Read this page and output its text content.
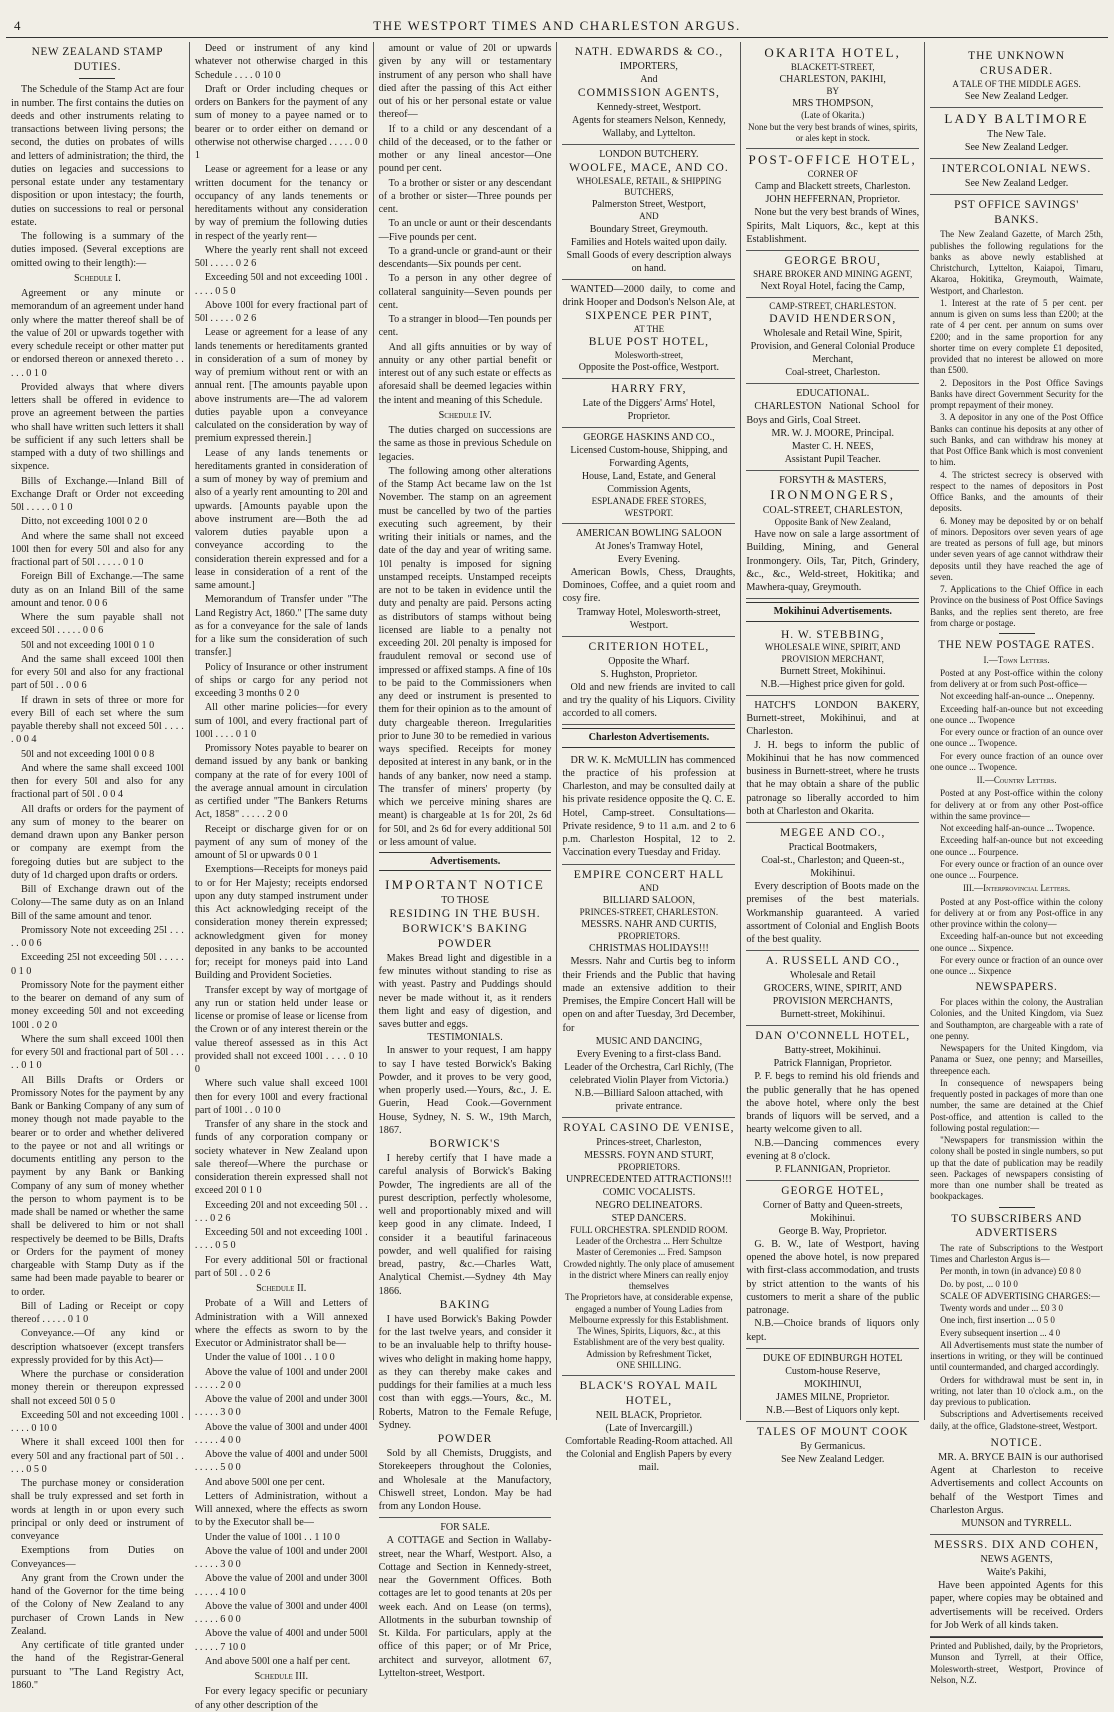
4	THE WESTPORT TIMES AND CHARLESTON ARGUS.
NEW ZEALAND STAMP DUTIES.
The Schedule of the Stamp Act are four in number. The first contains the duties on deeds and other instruments relating to transactions between living persons; the second, the duties on probates of wills and letters of administration; the third, the duties on legacies and successions to personal estate under any testamentary disposition or upon intestacy; the fourth, duties on successions to real or personal estate.
The following is a summary of the duties imposed. (Several exceptions are omitted owing to their length):—
Schedule I.
Agreement or any minute or memorandum of an agreement under hand only where the matter thereof shall be of the value of 20l or upwards together with every schedule receipt or other matter put or endorsed thereon or annexed thereto . . . . . 0 1 0
Provided always that where divers letters shall be offered in evidence to prove an agreement between the parties who shall have written such letters it shall be sufficient if any such letters shall be stamped with a duty of two shillings and sixpence.
Bills of Exchange.—Inland Bill of Exchange Draft or Order not exceeding 50l . . . . . 0 1 0
Ditto, not exceeding 100l 0 2 0
And where the same shall not exceed 100l then for every 50l and also for any fractional part of 50l . . . . . 0 1 0
Foreign Bill of Exchange.—The same duty as on an Inland Bill of the same amount and tenor. 0 0 6
Where the sum payable shall not exceed 50l . . . . . 0 0 6
50l and not exceeding 100l 0 1 0
And the same shall exceed 100l then for every 50l and also for any fractional part of 50l . . 0 0 6
If drawn in sets of three or more for every Bill of each set where the sum payable thereby shall not exceed 50l . . . . . 0 0 4
50l and not exceeding 100l 0 0 8
And where the same shall exceed 100l then for every 50l and also for any fractional part of 50l . 0 0 4
All drafts or orders for the payment of any sum of money to the bearer on demand drawn upon any Banker person or company are exempt from the foregoing duties but are subject to the duty of 1d charged upon drafts or orders.
Bill of Exchange drawn out of the Colony—The same duty as on an Inland Bill of the same amount and tenor.
Promissory Note not exceeding 25l . . . . . 0 0 6
Exceeding 25l not exceeding 50l . . . . . 0 1 0
Promissory Note for the payment either to the bearer on demand of any sum of money exceeding 50l and not exceeding 100l . 0 2 0
Where the sum shall exceed 100l then for every 50l and fractional part of 50l . . . . . 0 1 0
All Bills Drafts or Orders or Promissory Notes for the payment by any Bank or Banking Company of any sum of money though not made payable to the bearer or to order and whether delivered to the payee or not and all writings or documents entitling any person to the payment by any Bank or Banking Company of any sum of money whether the person to whom payment is to be made shall be named or whether the same shall be delivered to him or not shall respectively be deemed to be Bills, Drafts or Orders for the payment of money chargeable with Stamp Duty as if the same had been made payable to bearer or to order.
Bill of Lading or Receipt or copy thereof . . . . . 0 1 0
Conveyance.—Of any kind or description whatsoever (except transfers expressly provided for by this Act)—
Where the purchase or consideration money therein or thereupon expressed shall not exceed 50l 0 5 0
Exceeding 50l and not exceeding 100l . . . . . 0 10 0
Where it shall exceed 100l then for every 50l and any fractional part of 50l . . . . . 0 5 0
The purchase money or consideration shall be truly expressed and set forth in words at length in or upon every such principal or only deed or instrument of conveyance
Exemptions from Duties on Conveyances—
Any grant from the Crown under the hand of the Governor for the time being of the Colony of New Zealand to any purchaser of Crown Lands in New Zealand.
Any certificate of title granted under the hand of the Registrar-General pursuant to "The Land Registry Act, 1860."
Deed or instrument of any kind whatever not otherwise charged in this Schedule . . . . 0 10 0
Draft or Order including cheques or orders on Bankers for the payment of any sum of money to a payee named or to bearer or to order either on demand or otherwise not otherwise charged . . . . . 0 0 1
Lease or agreement for a lease or any written document for the tenancy or occupancy of any lands tenements or hereditaments without any consideration by way of premium the following duties in respect of the yearly rent—
Where the yearly rent shall not exceed 50l . . . . . 0 2 6
Exceeding 50l and not exceeding 100l . . . . . 0 5 0
Above 100l for every fractional part of 50l . . . . . 0 2 6
Lease or agreement for a lease of any lands tenements or hereditaments granted in consideration of a sum of money by way of premium without rent or with an annual rent. [The amounts payable upon above instruments are—The ad valorem duties payable upon a conveyance calculated on the consideration by way of premium expressed therein.]
Lease of any lands tenements or hereditaments granted in consideration of a sum of money by way of premium and also of a yearly rent amounting to 20l and upwards. [Amounts payable upon the above instrument are—Both the ad valorem duties payable upon a conveyance according to the consideration therein expressed and for a lease in consideration of a rent of the same amount.]
Memorandum of Transfer under "The Land Registry Act, 1860." [The same duty as for a conveyance for the sale of lands for a like sum the consideration of such transfer.]
Policy of Insurance or other instrument of ships or cargo for any period not exceeding 3 months 0 2 0
All other marine policies—for every sum of 100l, and every fractional part of 100l . . . . 0 1 0
Promissory Notes payable to bearer on demand issued by any bank or banking company at the rate of for every 100l of the average annual amount in circulation as certified under "The Bankers Returns Act, 1858" . . . . . 2 0 0
Receipt or discharge given for or on payment of any sum of money of the amount of 5l or upwards 0 0 1
Exemptions—Receipts for moneys paid to or for Her Majesty; receipts endorsed upon any duty stamped instrument under this Act acknowledging receipt of the consideration money therein expressed; acknowledgment given for money deposited in any banks to be accounted for; receipt for moneys paid into Land Building and Provident Societies.
Transfer except by way of mortgage of any run or station held under lease or license or promise of lease or license from the Crown or of any interest therein or the value thereof assessed as in this Act provided shall not exceed 100l . . . . 0 10 0
Where such value shall exceed 100l then for every 100l and every fractional part of 100l . . 0 10 0
Transfer of any share in the stock and funds of any corporation company or society whatever in New Zealand upon sale thereof—Where the purchase or consideration therein expressed shall not exceed 20l 0 1 0
Exceeding 20l and not exceeding 50l . . . . . 0 2 6
Exceeding 50l and not exceeding 100l . . . . . 0 5 0
For every additional 50l or fractional part of 50l . . 0 2 6
Schedule II.
Probate of a Will and Letters of Administration with a Will annexed where the effects as sworn to by the Executor or Administrator shall be—
Under the value of 100l . . 1 0 0
Above the value of 100l and under 200l . . . . . 2 0 0
Above the value of 200l and under 300l . . . . . 3 0 0
Above the value of 300l and under 400l . . . . . 4 0 0
Above the value of 400l and under 500l . . . . . 5 0 0
And above 500l one per cent.
Letters of Administration, without a Will annexed, where the effects as sworn to by the Executor shall be—
Under the value of 100l . . 1 10 0
Above the value of 100l and under 200l . . . . . 3 0 0
Above the value of 200l and under 300l . . . . . 4 10 0
Above the value of 300l and under 400l . . . . . 6 0 0
Above the value of 400l and under 500l . . . . . 7 10 0
And above 500l one a half per cent.
Schedule III.
For every legacy specific or pecuniary of any other description of the
amount or value of 20l or upwards given by any will or testamentary instrument of any person who shall have died after the passing of this Act either out of his or her personal estate or value thereof—
If to a child or any descendant of a child of the deceased, or to the father or mother or any lineal ancestor—One pound per cent.
To a brother or sister or any descendant of a brother or sister—Three pounds per cent.
To an uncle or aunt or their descendants—Five pounds per cent.
To a grand-uncle or grand-aunt or their descendants—Six pounds per cent.
To a person in any other degree of collateral sanguinity—Seven pounds per cent.
To a stranger in blood—Ten pounds per cent.
And all gifts annuities or by way of annuity or any other partial benefit or interest out of any such estate or effects as aforesaid shall be deemed legacies within the intent and meaning of this Schedule.
Schedule IV.
The duties charged on successions are the same as those in previous Schedule on legacies.
The following among other alterations of the Stamp Act became law on the 1st November. The stamp on an agreement must be cancelled by two of the parties executing such agreement, by their writing their initials or names, and the date of the day and year of writing same. 10l penalty is imposed for signing unstamped receipts. Unstamped receipts are not to be taken in evidence until the duty and penalty are paid. Persons acting as distributors of stamps without being licensed are liable to a penalty not exceeding 20l. 20l penalty is imposed for fraudulent removal or second use of impressed or affixed stamps. A fine of 10s to be paid to the Commissioners when any deed or instrument is presented to them for their opinion as to the amount of duty chargeable thereon. Irregularities prior to June 30 to be remedied in various ways specified. Receipts for money deposited at interest in any bank, or in the hands of any banker, now need a stamp. The transfer of miners' property (by which we perceive mining shares are meant) is chargeable at 1s for 20l, 2s 6d for 50l, and 2s 6d for every additional 50l or less amount of value.
Advertisements.
IMPORTANT NOTICE
TO THOSE
RESIDING IN THE BUSH.
BORWICK'S BAKING POWDER
Makes Bread light and digestible in a few minutes without standing to rise as with yeast. Pastry and Puddings should never be made without it, as it renders them light and easy of digestion, and saves butter and eggs.
TESTIMONIALS.
In answer to your request, I am happy to say I have tested Borwick's Baking Powder, and it proves to be very good, when properly used.—Yours, &c., J. E. Guerin, Head Cook.—Government House, Sydney, N. S. W., 19th March, 1867.
BORWICK'S
I hereby certify that I have made a careful analysis of Borwick's Baking Powder, The ingredients are all of the purest description, perfectly wholesome, well and proportionably mixed and will keep good in any climate. Indeed, I consider it a beautiful farinaceous powder, and well qualified for raising bread, pastry, &c.—Charles Watt, Analytical Chemist.—Sydney 4th May 1866.
BAKING
I have used Borwick's Baking Powder for the last twelve years, and consider it to be an invaluable help to thrifty house-wives who delight in making home happy, as they can thereby make cakes and puddings for their families at a much less cost than with eggs.—Yours, &c., M. Roberts, Matron to the Female Refuge, Sydney.
POWDER
Sold by all Chemists, Druggists, and Storekeepers throughout the Colonies, and Wholesale at the Manufactory, Chiswell street, London. May be had from any London House.
FOR SALE.
A COTTAGE and Section in Wallaby-street, near the Wharf, Westport. Also, a Cottage and Section in Kennedy-street, near the Government Offices. Both cottages are let to good tenants at 20s per week each. And on Lease (on terms), Allotments in the suburban township of St. Kilda. For particulars, apply at the office of this paper; or of Mr Price, architect and surveyor, allotment 67, Lyttelton-street, Westport.
NATH. EDWARDS & CO.,
IMPORTERS,
And
COMMISSION AGENTS,
Kennedy-street, Westport.
Agents for steamers Nelson, Kennedy, Wallaby, and Lyttelton.
LONDON BUTCHERY.
WOOLFE, MACE, AND CO.
WHOLESALE, RETAIL, & SHIPPING BUTCHERS,
Palmerston Street, Westport,
AND
Boundary Street, Greymouth.
Families and Hotels waited upon daily.
Small Goods of every description always on hand.
WANTED—2000 daily, to come and drink Hooper and Dodson's Nelson Ale, at
SIXPENCE PER PINT,
AT THE
BLUE POST HOTEL,
Molesworth-street,
Opposite the Post-office, Westport.
HARRY FRY,
Late of the Diggers' Arms' Hotel,
Proprietor.
GEORGE HASKINS AND CO.,
Licensed Custom-house, Shipping, and Forwarding Agents,
House, Land, Estate, and General Commission Agents,
ESPLANADE FREE STORES,
WESTPORT.
AMERICAN BOWLING SALOON
At Jones's Tramway Hotel,
Every Evening.
American Bowls, Chess, Draughts, Dominoes, Coffee, and a quiet room and cosy fire.
Tramway Hotel, Molesworth-street, Westport.
CRITERION HOTEL,
Opposite the Wharf.
S. Hughston, Proprietor.
Old and new friends are invited to call and try the quality of his Liquors. Civility accorded to all comers.
Charleston Advertisements.
DR W. K. McMULLIN has commenced the practice of his profession at Charleston, and may be consulted daily at his private residence opposite the Q. C. E. Hotel, Camp-street. Consultations—Private residence, 9 to 11 a.m. and 2 to 6 p.m. Charleston Hospital, 12 to 2. Vaccination every Tuesday and Friday.
EMPIRE CONCERT HALL
AND
BILLIARD SALOON,
PRINCES-STREET, CHARLESTON.
MESSRS. NAHR AND CURTIS,
PROPRIETORS.
CHRISTMAS HOLIDAYS!!!
Messrs. Nahr and Curtis beg to inform their Friends and the Public that having made an extensive addition to their Premises, the Empire Concert Hall will be open on and after Tuesday, 3rd December, for
MUSIC AND DANCING,
Every Evening to a first-class Band.
Leader of the Orchestra, Carl Richly, (The celebrated Violin Player from Victoria.)
N.B.—Billiard Saloon attached, with private entrance.
ROYAL CASINO DE VENISE,
Princes-street, Charleston,
MESSRS. FOYN AND STURT,
PROPRIETORS.
UNPRECEDENTED ATTRACTIONS!!!
COMIC VOCALISTS.
NEGRO DELINEATORS.
STEP DANCERS.
FULL ORCHESTRA. SPLENDID ROOM.
Leader of the Orchestra ... Herr Schultze
Master of Ceremonies ... Fred. Sampson
Crowded nightly. The only place of amusement in the district where Miners can really enjoy themselves
The Proprietors have, at considerable expense, engaged a number of Young Ladies from Melbourne expressly for this Establishment.
The Wines, Spirits, Liquors, &c., at this Establishment are of the very best quality.
Admission by Refreshment Ticket,
ONE SHILLING.
BLACK'S ROYAL MAIL HOTEL,
NEIL BLACK, Proprietor.
(Late of Invercargill.)
Comfortable Reading-Room attached. All the Colonial and English Papers by every mail.
OKARITA HOTEL,
BLACKETT-STREET,
CHARLESTON, PAKIHI,
BY
MRS THOMPSON,
(Late of Okarita.)
None but the very best brands of wines, spirits, or ales kept in stock.
POST-OFFICE HOTEL,
CORNER OF
Camp and Blackett streets, Charleston.
JOHN HEFFERNAN, Proprietor.
None but the very best brands of Wines, Spirits, Malt Liquors, &c., kept at this Establishment.
GEORGE BROU,
SHARE BROKER AND MINING AGENT,
Next Royal Hotel, facing the Camp,
CAMP-STREET, CHARLESTON.
DAVID HENDERSON,
Wholesale and Retail Wine, Spirit, Provision, and General Colonial Produce Merchant,
Coal-street, Charleston.
EDUCATIONAL.
CHARLESTON National School for Boys and Girls, Coal Street.
MR. W. J. MOORE, Principal.
Master C. H. NEES,
Assistant Pupil Teacher.
FORSYTH & MASTERS,
IRONMONGERS,
COAL-STREET, CHARLESTON,
Opposite Bank of New Zealand,
Have now on sale a large assortment of Building, Mining, and General Ironmongery. Oils, Tar, Pitch, Grindery, &c., &c., Weld-street, Hokitika; and Mawhera-quay, Greymouth.
Mokihinui Advertisements.
H. W. STEBBING,
WHOLESALE WINE, SPIRIT, AND PROVISION MERCHANT,
Burnett Street, Mokihinui.
N.B.—Highest price given for gold.
HATCH'S LONDON BAKERY, Burnett-street, Mokihinui, and at Charleston.
J. H. begs to inform the public of Mokihinui that he has now commenced business in Burnett-street, where he trusts that he may obtain a share of the public patronage so liberally accorded to him both at Charleston and Okarita.
MEGEE AND CO.,
Practical Bootmakers,
Coal-st., Charleston; and Queen-st., Mokihinui.
Every description of Boots made on the premises of the best materials. Workmanship guaranteed. A varied assortment of Colonial and English Boots of the best quality.
A. RUSSELL AND CO.,
Wholesale and Retail
GROCERS, WINE, SPIRIT, AND PROVISION MERCHANTS,
Burnett-street, Mokihinui.
DAN O'CONNELL HOTEL,
Batty-street, Mokihinui.
Patrick Flannigan, Proprietor.
P. F. begs to remind his old friends and the public generally that he has opened the above hotel, where only the best brands of liquors will be served, and a hearty welcome given to all.
N.B.—Dancing commences every evening at 8 o'clock.
P. FLANNIGAN, Proprietor.
GEORGE HOTEL,
Corner of Batty and Queen-streets, Mokihinui.
George B. Way, Proprietor.
G. B. W., late of Westport, having opened the above hotel, is now prepared with first-class accommodation, and trusts by strict attention to the wants of his customers to merit a share of the public patronage.
N.B.—Choice brands of liquors only kept.
DUKE OF EDINBURGH HOTEL
Custom-house Reserve,
MOKIHINUI,
JAMES MILNE, Proprietor.
N.B.—Best of Liquors only kept.
TALES OF MOUNT COOK
By Germanicus.
See New Zealand Ledger.
THE UNKNOWN CRUSADER.
A TALE OF THE MIDDLE AGES.
See New Zealand Ledger.
LADY BALTIMORE
The New Tale.
See New Zealand Ledger.
INTERCOLONIAL NEWS.
See New Zealand Ledger.
PST OFFICE SAVINGS' BANKS.
The New Zealand Gazette, of March 25th, publishes the following regulations for the banks as above newly established at Christchurch, Lyttelton, Kaiapoi, Timaru, Akaroa, Hokitika, Greymouth, Waimate, Westport, and Charleston.
1. Interest at the rate of 5 per cent. per annum is given on sums less than £200; at the rate of 4 per cent. per annum on sums over £200; and in the same proportion for any shorter time on every complete £1 deposited, provided that no interest be allowed on more than £500.
2. Depositors in the Post Office Savings Banks have direct Government Security for the prompt repayment of their money.
3. A depositor in any one of the Post Office Banks can continue his deposits at any other of such Banks, and can withdraw his money at that Post Office Bank which is most convenient to him.
4. The strictest secrecy is observed with respect to the names of depositors in Post Office Banks, and the amounts of their deposits.
6. Money may be deposited by or on behalf of minors. Depositors over seven years of age are treated as persons of full age, but minors under seven years of age cannot withdraw their deposits until they have reached the age of seven.
7. Applications to the Chief Office in each Province on the business of Post Office Savings Banks, and the replies sent thereto, are free from charge or postage.
THE NEW POSTAGE RATES.
I.—Town Letters.
Posted at any Post-office within the colony from delivery at or from such Post-office—
Not exceeding half-an-ounce ... Onepenny.
Exceeding half-an-ounce but not exceeding one ounce ... Twopence
For every ounce or fraction of an ounce over one ounce ... Twopence.
For every ounce fraction of an ounce over one ounce ... Twopence.
II.—Country Letters.
Posted at any Post-office within the colony for delivery at or from any other Post-office within the same province—
Not exceeding half-an-ounce ... Twopence.
Exceeding half-an-ounce but not exceeding one ounce ... Fourpence.
For every ounce or fraction of an ounce over one ounce ... Fourpence.
III.—Interprovincial Letters.
Posted at any Post-office within the colony for delivery at or from any Post-office in any other province within the colony—
Exceeding half-an-ounce but not exceeding one ounce ... Sixpence.
For every ounce or fraction of an ounce over one ounce ... Sixpence
NEWSPAPERS.
For places within the colony, the Australian Colonies, and the United Kingdom, via Suez and Southampton, are chargeable with a rate of one penny.
Newspapers for the United Kingdom, via Panama or Suez, one penny; and Marseilles, threepence each.
In consequence of newspapers being frequently posted in packages of more than one number, the same are detained at the Chief Post-office, and attention is called to the following postal regulation:—
"Newspapers for transmission within the colony shall be posted in single numbers, so put up that the date of publication may be readily seen. Packages of newspapers consisting of more than one number shall be treated as bookpackages.
TO SUBSCRIBERS AND ADVERTISERS
The rate of Subscriptions to the Westport Times and Charleston Argus is—
Per month, in town (in advance) £0 8 0
Do. by post, ... 0 10 0
SCALE OF ADVERTISING CHARGES:—
Twenty words and under ... £0 3 0
One inch, first insertion ... 0 5 0
Every subsequent insertion ... 4 0
All Advertisements must state the number of insertions in writing, or they will be continued until countermanded, and charged accordingly.
Orders for withdrawal must be sent in, in writing, not later than 10 o'clock a.m., on the day previous to publication.
Subscriptions and Advertisements received daily, at the office, Gladstone-street, Westport.
NOTICE.
MR. A. BRYCE BAIN is our authorised Agent at Charleston to receive Advertisements and collect Accounts on behalf of the Westport Times and Charleston Argus.
MUNSON and TYRRELL.
MESSRS. DIX AND COHEN,
NEWS AGENTS,
Waite's Pakihi,
Have been appointed Agents for this paper, where copies may be obtained and advertisements will be received. Orders for Job Werk of all kinds taken.
Printed and Published, daily, by the Proprietors, Munson and Tyrrell, at their Office, Molesworth-street, Westport, Province of Nelson, N.Z.
